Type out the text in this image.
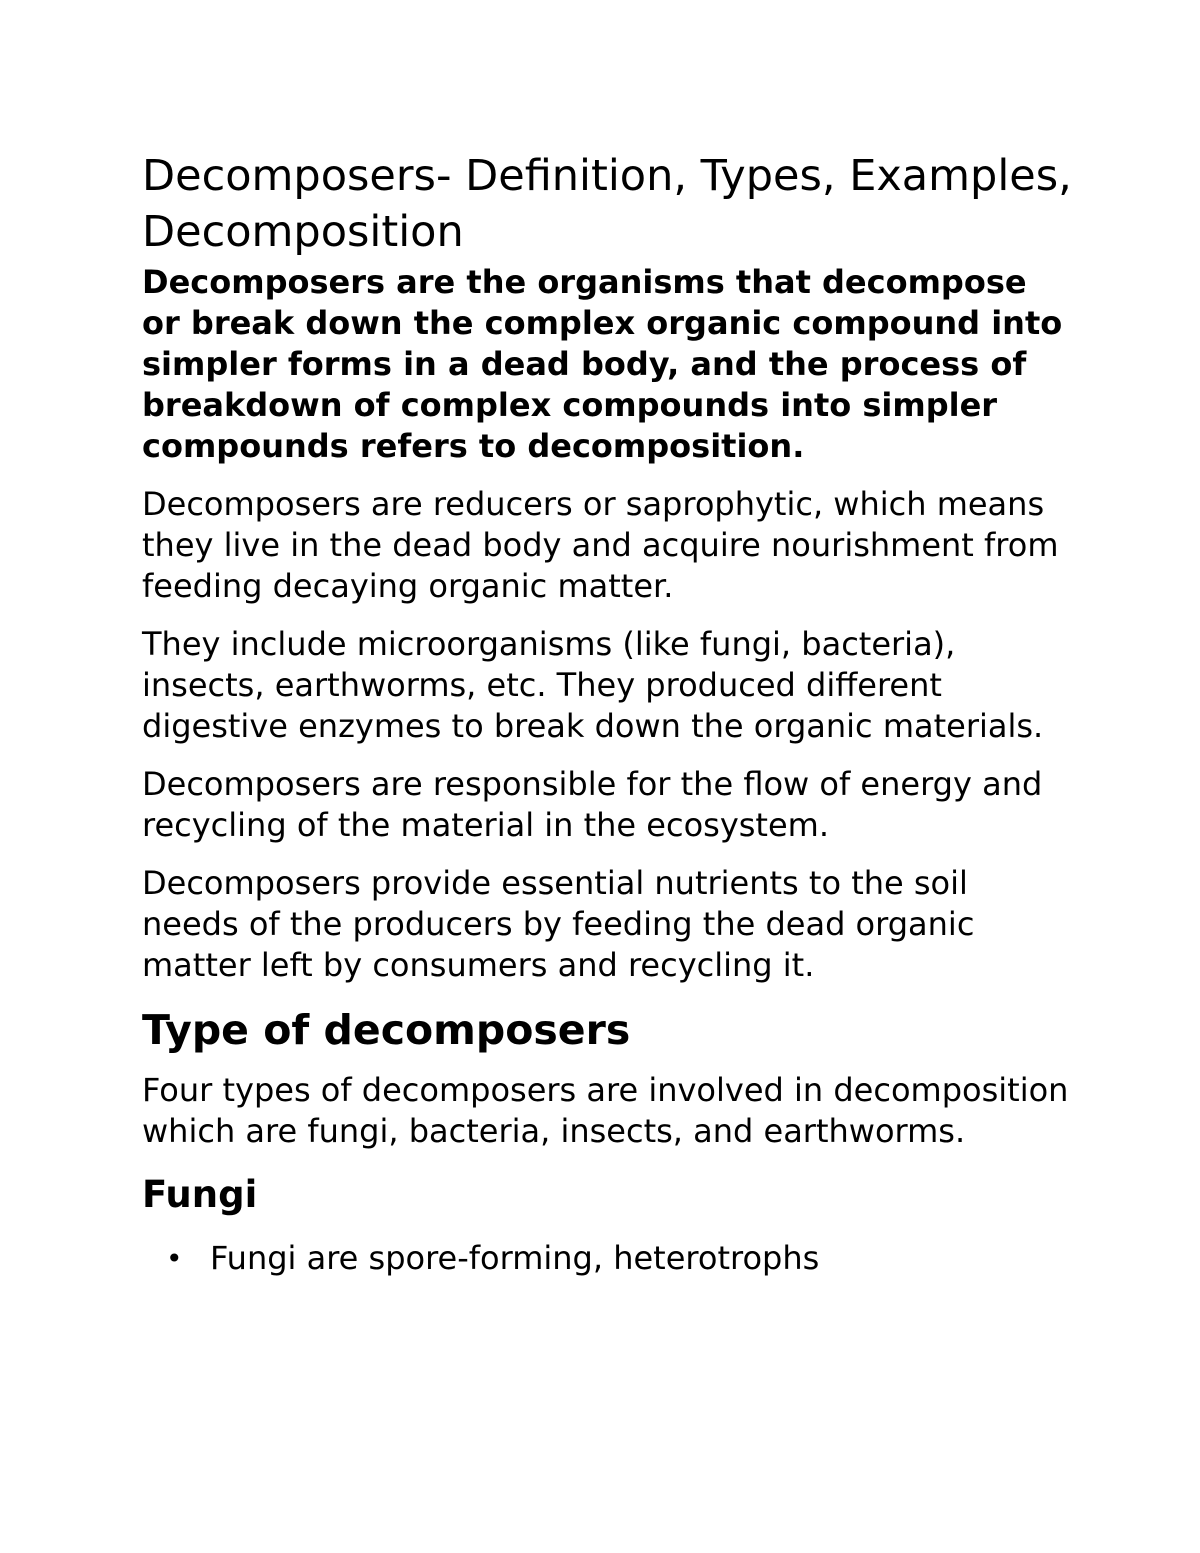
Decomposers- Definition, Types, Examples, Decomposition

Decomposers are the organisms that decompose or break down the complex organic compound into simpler forms in a dead body, and the process of breakdown of complex compounds into simpler compounds refers to decomposition.

Decomposers are reducers or saprophytic, which means they live in the dead body and acquire nourishment from feeding decaying organic matter.

They include microorganisms (like fungi, bacteria), insects, earthworms, etc. They produced different digestive enzymes to break down the organic materials.

Decomposers are responsible for the flow of energy and recycling of the material in the ecosystem.

Decomposers provide essential nutrients to the soil needs of the producers by feeding the dead organic matter left by consumers and recycling it.

Type of decomposers

Four types of decomposers are involved in decomposition which are fungi, bacteria, insects, and earthworms.

Fungi
• Fungi are spore-forming, heterotrophs
